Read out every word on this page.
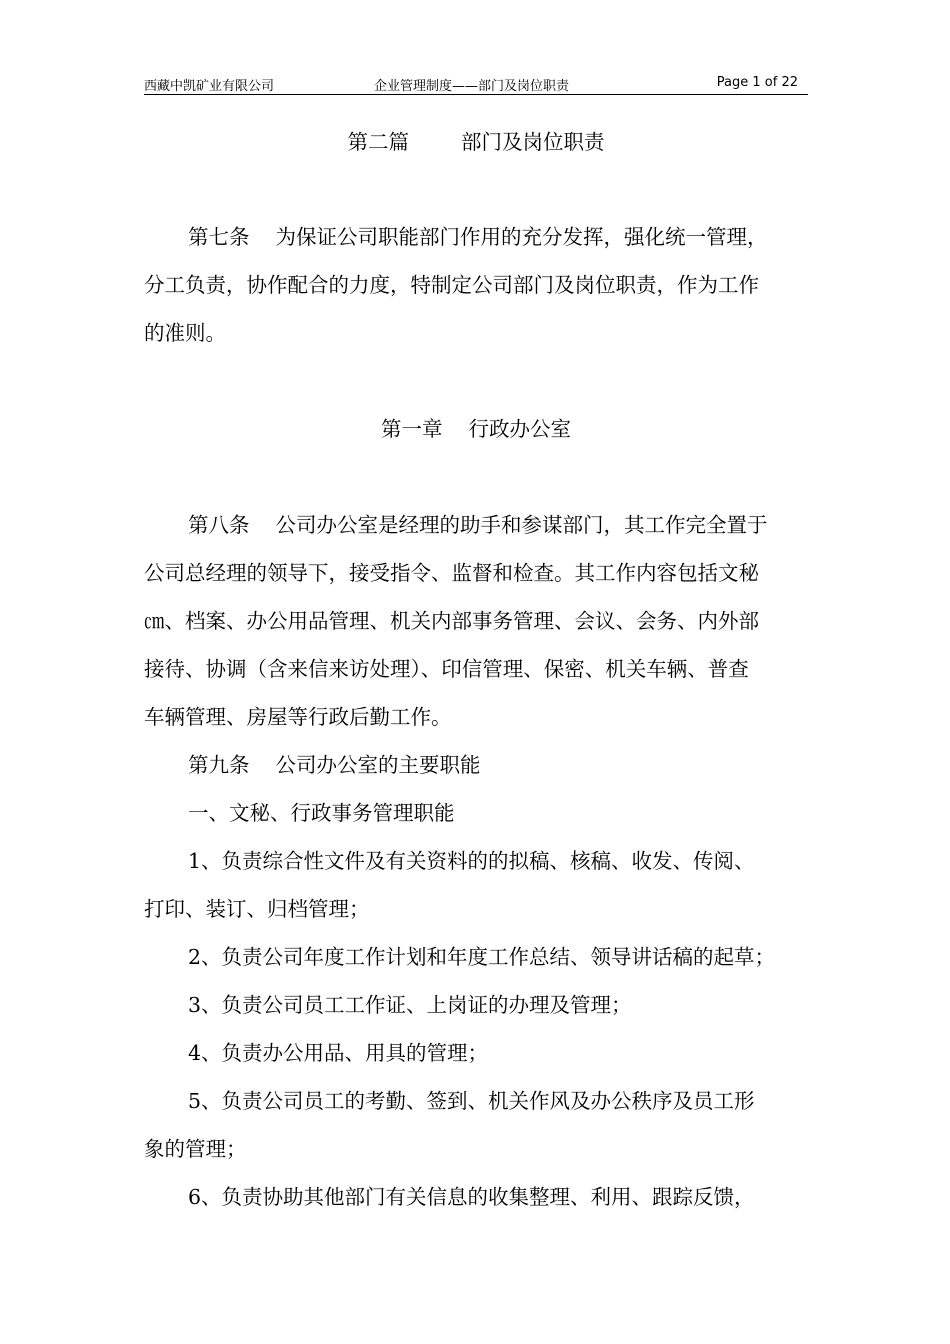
西藏中凯矿业有限公司	企业管理制度——部门及岗位职责	Page 1 of 22
第二篇	部门及岗位职责
第七条 为保证公司职能部门作用的充分发挥，强化统一管理，
分工负责，协作配合的力度，特制定公司部门及岗位职责，作为工作
的准则。
第一章 行政办公室
第八条 公司办公室是经理的助手和参谋部门，其工作完全置于
公司总经理的领导下，接受指令、监督和检查。其工作内容包括文秘
㎝、档案、办公用品管理、机关内部事务管理、会议、会务、内外部
接待、协调（含来信来访处理）、印信管理、保密、机关车辆、普查
车辆管理、房屋等行政后勤工作。
第九条 公司办公室的主要职能
一、文秘、行政事务管理职能
1、负责综合性文件及有关资料的的拟稿、核稿、收发、传阅、
打印、装订、归档管理；
2、负责公司年度工作计划和年度工作总结、领导讲话稿的起草；
3、负责公司员工工作证、上岗证的办理及管理；
4、负责办公用品、用具的管理；
5、负责公司员工的考勤、签到、机关作风及办公秩序及员工形
象的管理；
6、负责协助其他部门有关信息的收集整理、利用、跟踪反馈，
